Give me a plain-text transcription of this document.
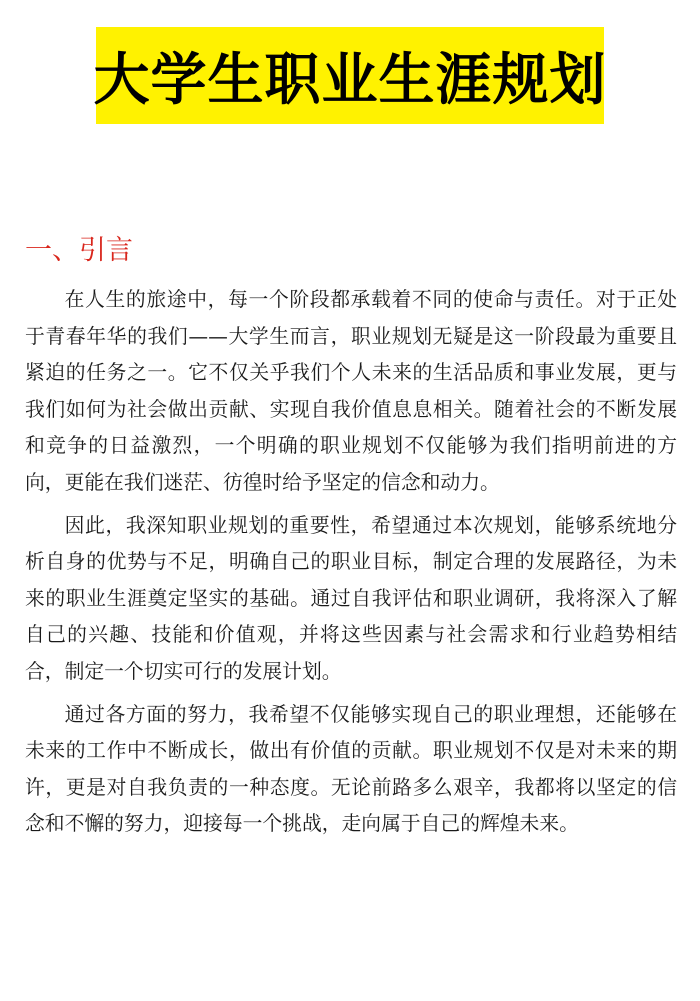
大学生职业生涯规划
一、引言

在人生的旅途中，每一个阶段都承载着不同的使命与责任。对于正处于青春年华的我们——大学生而言，职业规划无疑是这一阶段最为重要且紧迫的任务之一。它不仅关乎我们个人未来的生活品质和事业发展，更与我们如何为社会做出贡献、实现自我价值息息相关。随着社会的不断发展和竞争的日益激烈，一个明确的职业规划不仅能够为我们指明前进的方向，更能在我们迷茫、彷徨时给予坚定的信念和动力。

因此，我深知职业规划的重要性，希望通过本次规划，能够系统地分析自身的优势与不足，明确自己的职业目标，制定合理的发展路径，为未来的职业生涯奠定坚实的基础。通过自我评估和职业调研，我将深入了解自己的兴趣、技能和价值观，并将这些因素与社会需求和行业趋势相结合，制定一个切实可行的发展计划。

通过各方面的努力，我希望不仅能够实现自己的职业理想，还能够在未来的工作中不断成长，做出有价值的贡献。职业规划不仅是对未来的期许，更是对自我负责的一种态度。无论前路多么艰辛，我都将以坚定的信念和不懈的努力，迎接每一个挑战，走向属于自己的辉煌未来。
